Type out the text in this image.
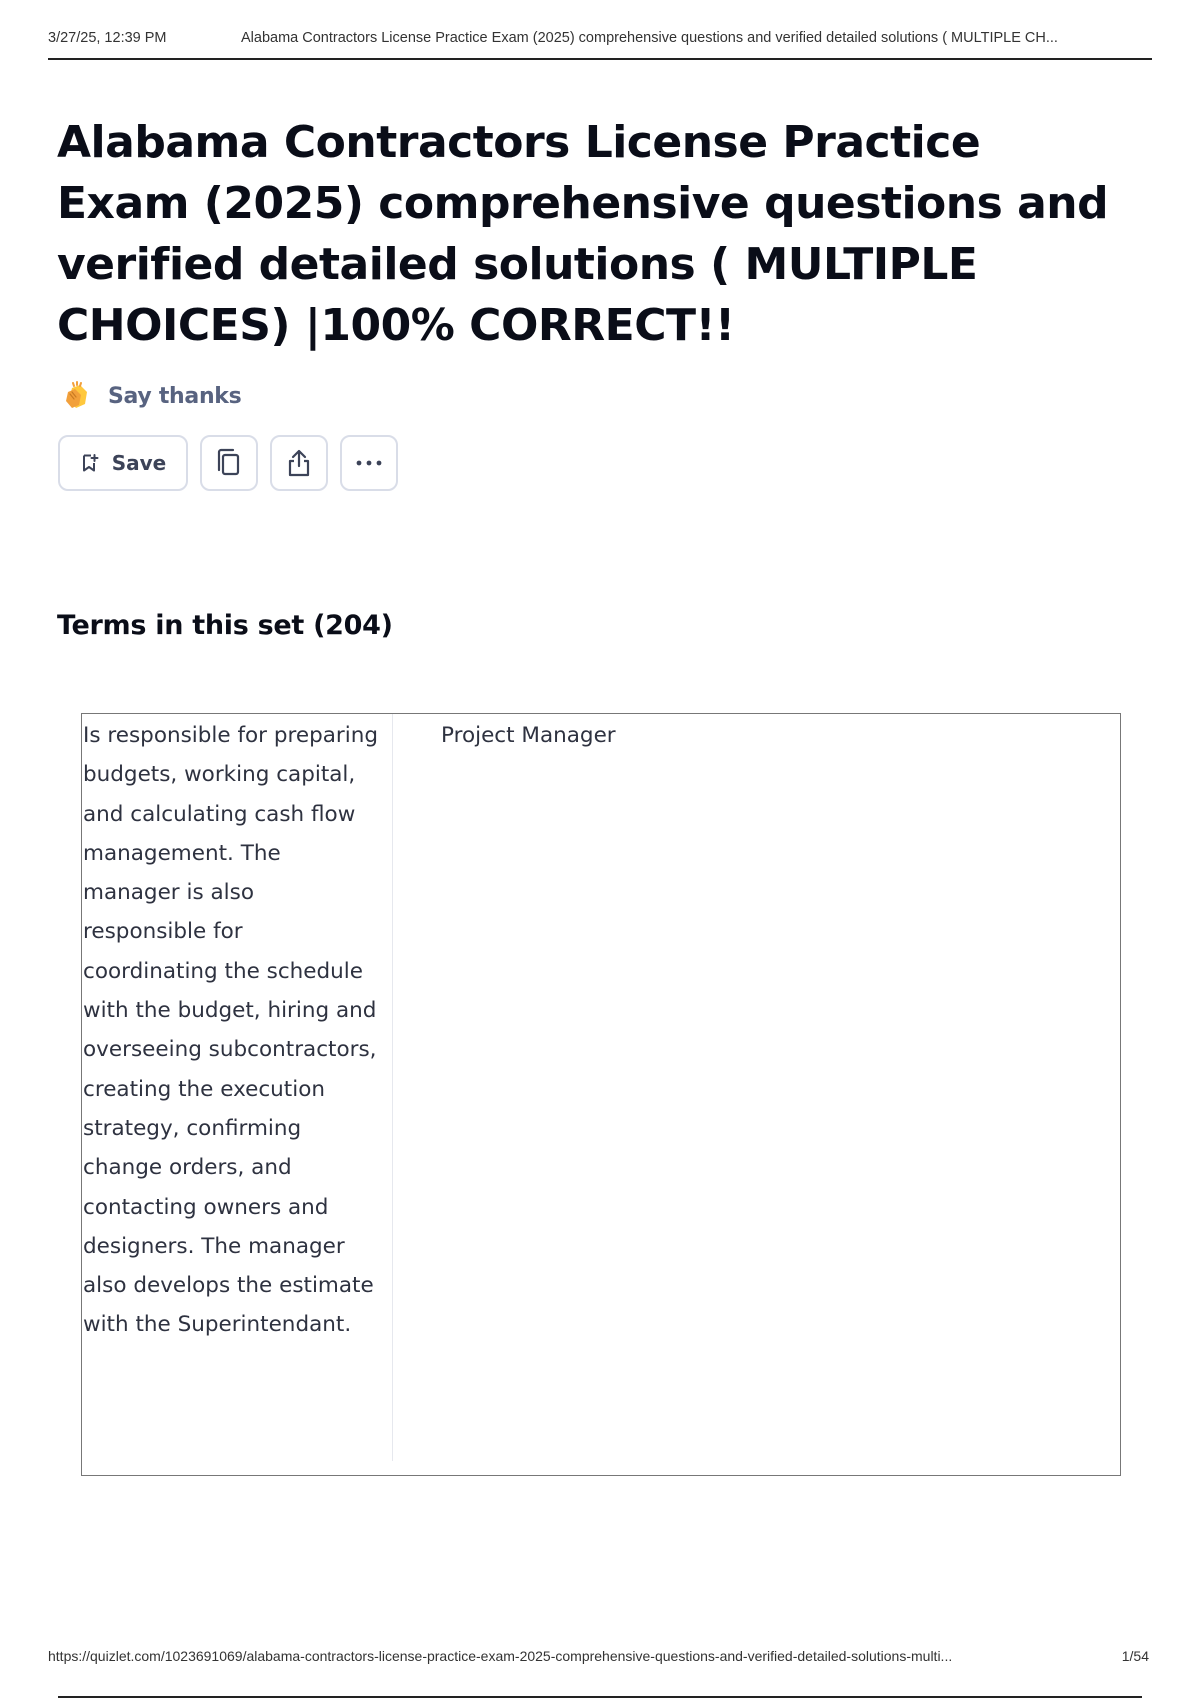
3/27/25, 12:39 PM	Alabama Contractors License Practice Exam (2025) comprehensive questions and verified detailed solutions ( MULTIPLE CH...
Alabama Contractors License Practice Exam (2025) comprehensive questions and verified detailed solutions ( MULTIPLE CHOICES) |100% CORRECT!!
Say thanks
Save
Terms in this set (204)

Is responsible for preparing budgets, working capital, and calculating cash flow management. The manager is also responsible for coordinating the schedule with the budget, hiring and overseeing subcontractors, creating the execution strategy, confirming change orders, and contacting owners and designers. The manager also develops the estimate with the Superintendant.

Project Manager

https://quizlet.com/1023691069/alabama-contractors-license-practice-exam-2025-comprehensive-questions-and-verified-detailed-solutions-multi...	1/54
